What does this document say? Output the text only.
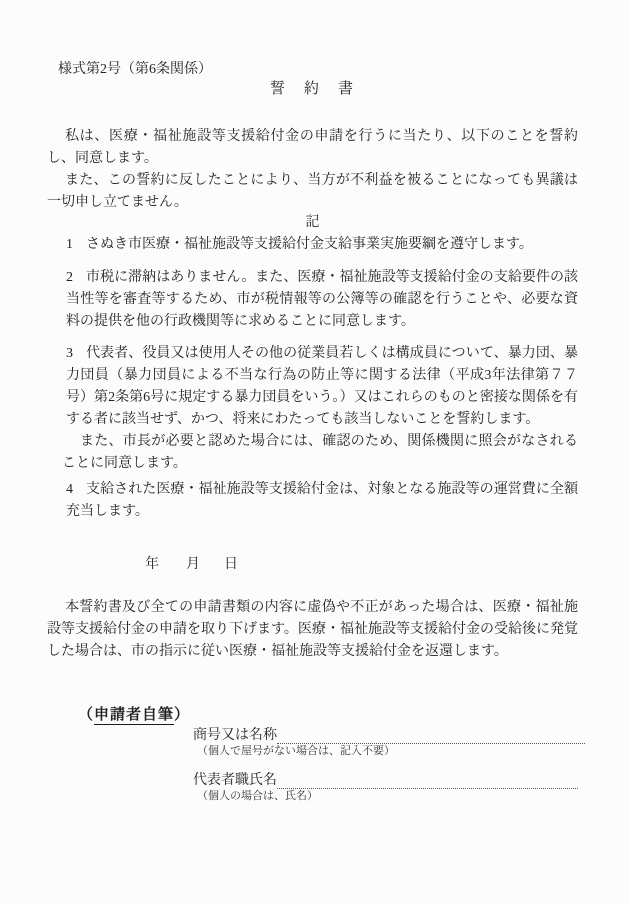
様式第2号（第6条関係）
誓　約　書

私は、医療・福祉施設等支援給付金の申請を行うに当たり、以下のことを誓約し、同意します。

また、この誓約に反したことにより、当方が不利益を被ることになっても異議は一切申し立てません。

記
1 さぬき市医療・福祉施設等支援給付金支給事業実施要綱を遵守します。

2 市税に滞納はありません。また、医療・福祉施設等支援給付金の支給要件の該当性等を審査等するため、市が税情報等の公簿等の確認を行うことや、必要な資料の提供を他の行政機関等に求めることに同意します。

3 代表者、役員又は使用人その他の従業員若しくは構成員について、暴力団、暴力団員（暴力団員による不当な行為の防止等に関する法律（平成3年法律第７７号）第2条第6号に規定する暴力団員をいう。）又はこれらのものと密接な関係を有する者に該当せず、かつ、将来にわたっても該当しないことを誓約します。

また、市長が必要と認めた場合には、確認のため、関係機関に照会がなされることに同意します。

4 支給された医療・福祉施設等支援給付金は、対象となる施設等の運営費に全額充当します。

年 月 日

本誓約書及び全ての申請書類の内容に虚偽や不正があった場合は、医療・福祉施設等支援給付金の申請を取り下げます。医療・福祉施設等支援給付金の受給後に発覚した場合は、市の指示に従い医療・福祉施設等支援給付金を返還します。

（申請者自筆）
商号又は名称
（個人で屋号がない場合は、記入不要）
代表者職氏名
（個人の場合は、氏名）
